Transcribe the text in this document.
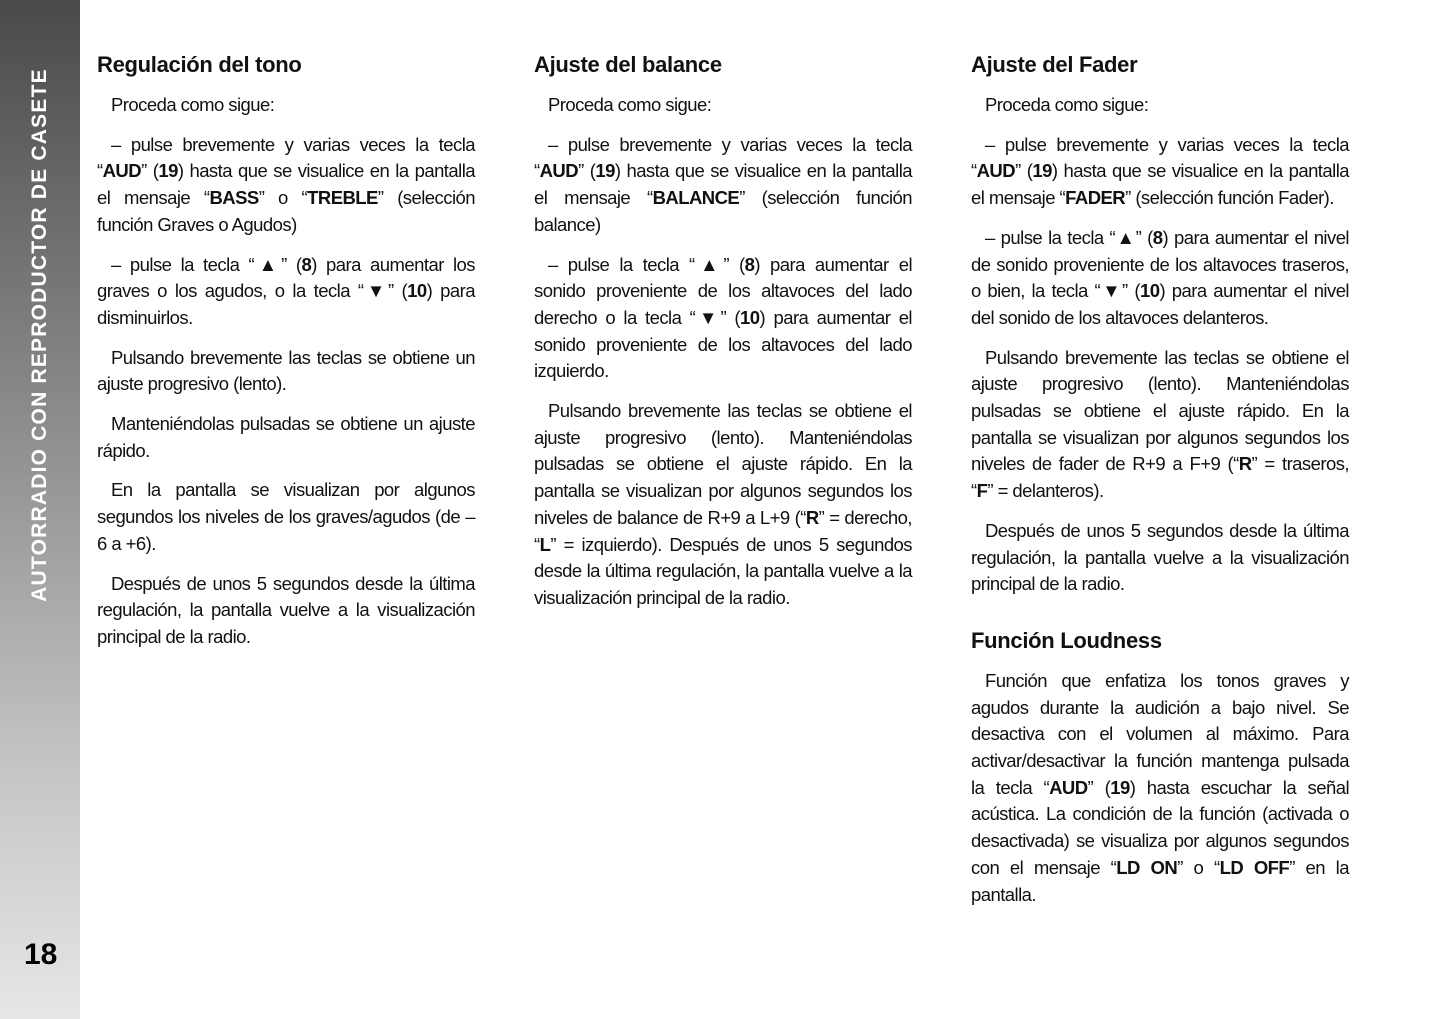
AUTORRADIO CON REPRODUCTOR DE CASETE
18
Regulación del tono

Proceda como sigue:

– pulse brevemente y varias veces la tecla “AUD” (19) hasta que se visualice en la pantalla el mensaje “BASS” o “TREBLE” (selección función Graves o Agudos)

– pulse la tecla “▲” (8) para aumentar los graves o los agudos, o la tecla “▼” (10) para disminuirlos.

Pulsando brevemente las teclas se obtiene un ajuste progresivo (lento).

Manteniéndolas pulsadas se obtiene un ajuste rápido.

En la pantalla se visualizan por algunos segundos los niveles de los graves/agudos (de – 6 a +6).

Después de unos 5 segundos desde la última regulación, la pantalla vuelve a la visualización principal de la radio.

Ajuste del balance

Proceda como sigue:

– pulse brevemente y varias veces la tecla “AUD” (19) hasta que se visualice en la pantalla el mensaje “BALANCE” (selección función balance)

– pulse la tecla “▲” (8) para aumentar el sonido proveniente de los altavoces del lado derecho o la tecla “▼” (10) para aumentar el sonido proveniente de los altavoces del lado izquierdo.

Pulsando brevemente las teclas se obtiene el ajuste progresivo (lento). Manteniéndolas pulsadas se obtiene el ajuste rápido. En la pantalla se visualizan por algunos segundos los niveles de balance de R+9 a L+9 (“R” = derecho, “L” = izquierdo). Después de unos 5 segundos desde la última regulación, la pantalla vuelve a la visualización principal de la radio.

Ajuste del Fader

Proceda como sigue:

– pulse brevemente y varias veces la tecla “AUD” (19) hasta que se visualice en la pantalla el mensaje “FADER” (selección función Fader).

– pulse la tecla “▲” (8) para aumentar el nivel de sonido proveniente de los altavoces traseros, o bien, la tecla “▼” (10) para aumentar el nivel del sonido de los altavoces delanteros.

Pulsando brevemente las teclas se obtiene el ajuste progresivo (lento). Manteniéndolas pulsadas se obtiene el ajuste rápido. En la pantalla se visualizan por algunos segundos los niveles de fader de R+9 a F+9 (“R” = traseros, “F” = delanteros).

Después de unos 5 segundos desde la última regulación, la pantalla vuelve a la visualización principal de la radio.

Función Loudness

Función que enfatiza los tonos graves y agudos durante la audición a bajo nivel. Se desactiva con el volumen al máximo. Para activar/desactivar la función mantenga pulsada la tecla “AUD” (19) hasta escuchar la señal acústica. La condición de la función (activada o desactivada) se visualiza por algunos segundos con el mensaje “LD ON” o “LD OFF” en la pantalla.
